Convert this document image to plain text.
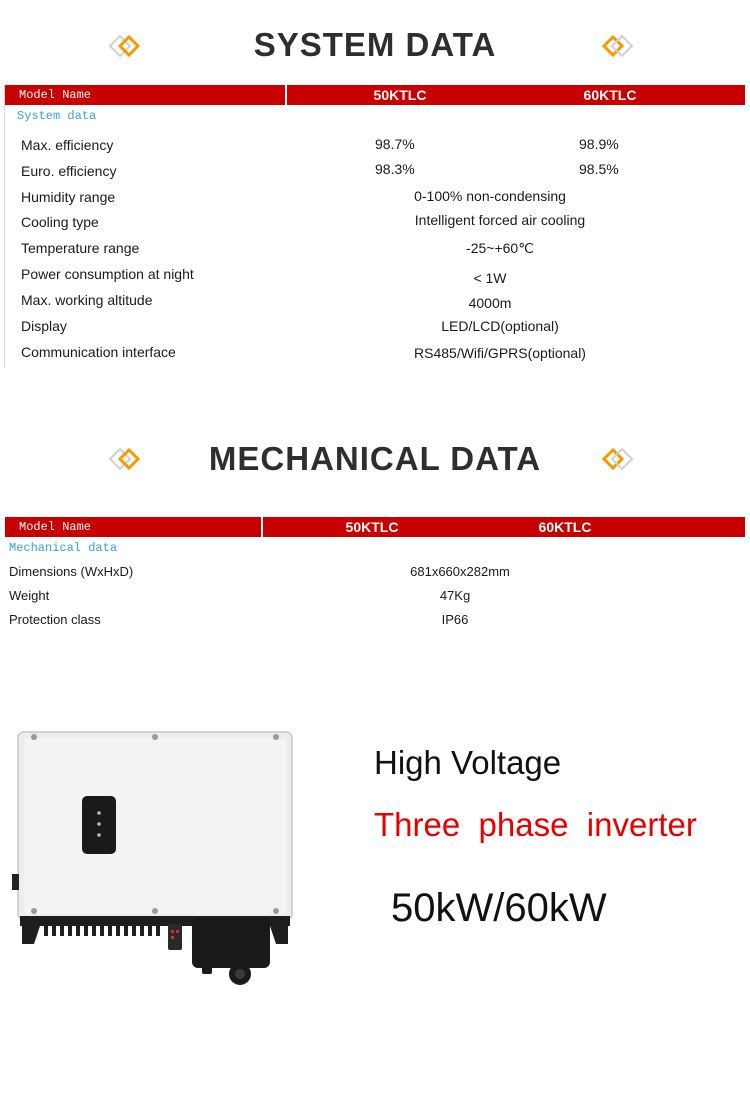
SYSTEM DATA
Model Name	50KTLC	60KTLC
System data
Max. efficiency	98.7%	98.9%
Euro. efficiency	98.3%	98.5%
Humidity range	0-100% non-condensing
Cooling type	Intelligent forced air cooling
Temperature range	-25~+60℃
Power consumption at night	< 1W
Max. working altitude	4000m
Display	LED/LCD(optional)
Communication interface	RS485/Wifi/GPRS(optional)
MECHANICAL DATA
Model Name	50KTLC	60KTLC
Mechanical data
Dimensions (WxHxD)	681x660x282mm
Weight	47Kg
Protection class	IP66
High Voltage
Three  phase  inverter
50kW/60kW
